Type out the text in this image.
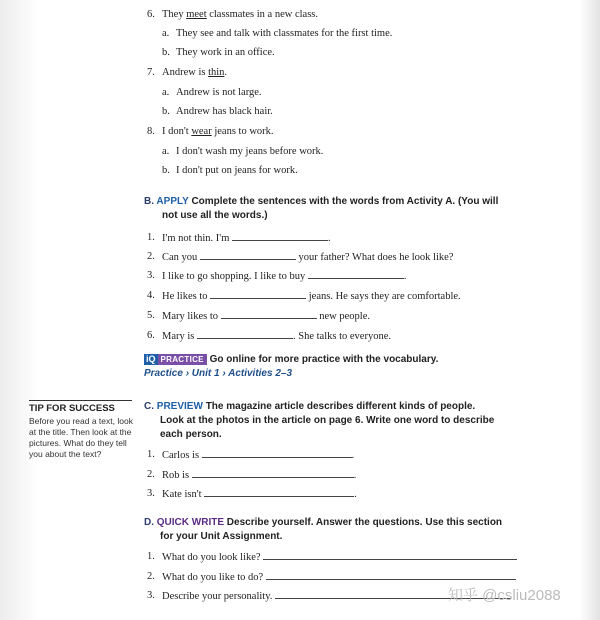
6. They meet classmates in a new class.
a. They see and talk with classmates for the first time.
b. They work in an office.
7. Andrew is thin.
a. Andrew is not large.
b. Andrew has black hair.
8. I don't wear jeans to work.
a. I don't wash my jeans before work.
b. I don't put on jeans for work.
B. APPLY Complete the sentences with the words from Activity A. (You will
not use all the words.)
1. I'm not thin. I'm	.
2. Can you	your father? What does he look like?
3. I like to go shopping. I like to buy	.
4. He likes to	jeans. He says they are comfortable.
5. Mary likes to	new people.
6. Mary is	. She talks to everyone.
iQ PRACTICE Go online for more practice with the vocabulary.
Practice › Unit 1 › Activities 2–3
TIP FOR SUCCESS
Before you read a text, look at the title. Then look at the pictures. What do they tell you about the text?
C. PREVIEW The magazine article describes different kinds of people.
Look at the photos in the article on page 6. Write one word to describe
each person.
1. Carlos is	.
2. Rob is	.
3. Kate isn't	.
D. QUICK WRITE Describe yourself. Answer the questions. Use this section
for your Unit Assignment.
1. What do you look like?
2. What do you like to do?
3. Describe your personality.	知乎 @csliu2088
